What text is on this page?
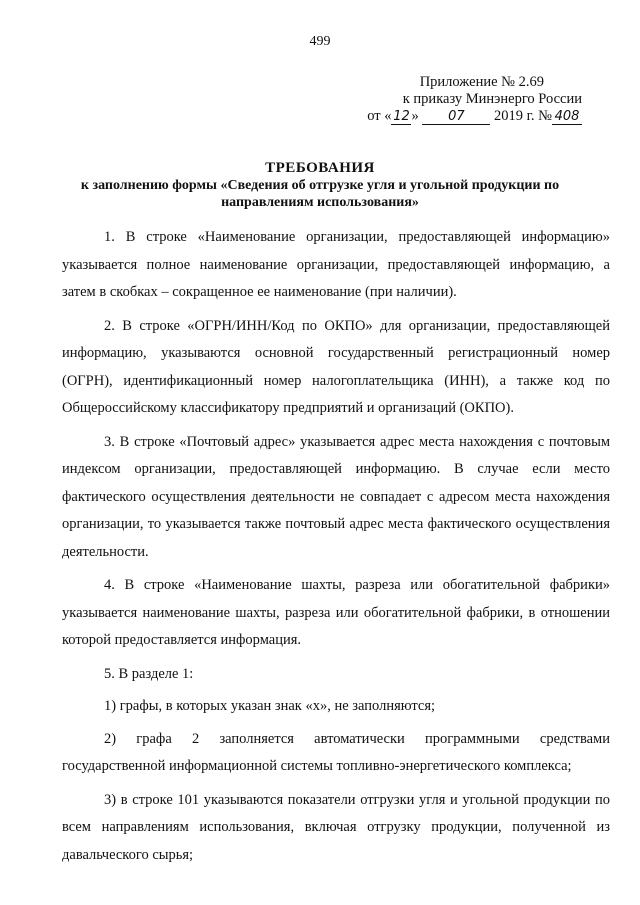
499
Приложение № 2.69
к приказу Минэнерго России
от « 12 » 07 2019 г. № 408
ТРЕБОВАНИЯ
к заполнению формы «Сведения об отгрузке угля и угольной продукции по
направлениям использования»

1. В строке «Наименование организации, предоставляющей информацию» указывается полное наименование организации, предоставляющей информацию, а затем в скобках – сокращенное ее наименование (при наличии).

2. В строке «ОГРН/ИНН/Код по ОКПО» для организации, предоставляющей информацию, указываются основной государственный регистрационный номер (ОГРН), идентификационный номер налогоплательщика (ИНН), а также код по Общероссийскому классификатору предприятий и организаций (ОКПО).

3. В строке «Почтовый адрес» указывается адрес места нахождения с почтовым индексом организации, предоставляющей информацию. В случае если место фактического осуществления деятельности не совпадает с адресом места нахождения организации, то указывается также почтовый адрес места фактического осуществления деятельности.

4. В строке «Наименование шахты, разреза или обогатительной фабрики» указывается наименование шахты, разреза или обогатительной фабрики, в отношении которой предоставляется информация.

5. В разделе 1:

1) графы, в которых указан знак «х», не заполняются;

2) графа 2 заполняется автоматически программными средствами государственной информационной системы топливно-энергетического комплекса;

3) в строке 101 указываются показатели отгрузки угля и угольной продукции по всем направлениям использования, включая отгрузку продукции, полученной из давальческого сырья;
